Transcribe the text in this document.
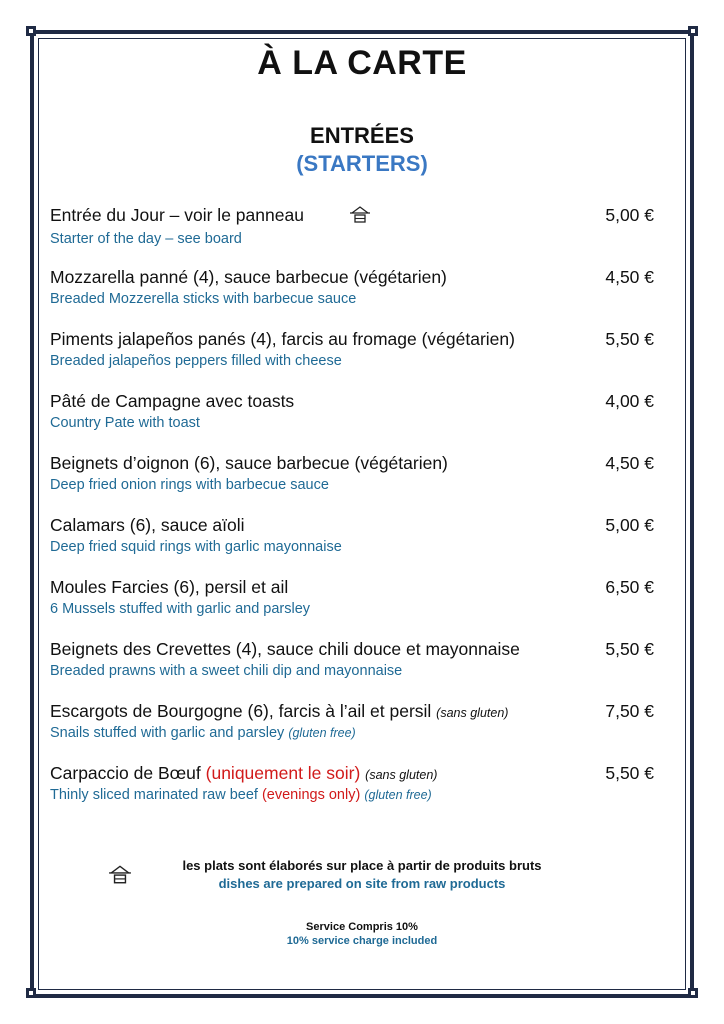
À LA CARTE
ENTRÉES
(STARTERS)
Entrée du Jour – voir le panneau
Starter of the day – see board
5,00 €
Mozzarella panné (4), sauce barbecue (végétarien)
Breaded Mozzerella sticks with barbecue sauce
4,50 €
Piments jalapeños panés (4), farcis au fromage (végétarien)
Breaded jalapeños peppers filled with cheese
5,50 €
Pâté de Campagne avec toasts
Country Pate with toast
4,00 €
Beignets d’oignon (6), sauce barbecue (végétarien)
Deep fried onion rings with barbecue sauce
4,50 €
Calamars (6), sauce aïoli
Deep fried squid rings with garlic mayonnaise
5,00 €
Moules Farcies (6), persil et ail
6 Mussels stuffed with garlic and parsley
6,50 €
Beignets des Crevettes (4), sauce chili douce et mayonnaise
Breaded prawns with a sweet chili dip and mayonnaise
5,50 €
Escargots de Bourgogne (6), farcis à l’ail et persil (sans gluten)
Snails stuffed with garlic and parsley (gluten free)
7,50 €
Carpaccio de Bœuf (uniquement le soir) (sans gluten)
Thinly sliced marinated raw beef (evenings only) (gluten free)
5,50 €
les plats sont élaborés sur place à partir de produits bruts
dishes are prepared on site from raw products
Service Compris 10%
10% service charge included
